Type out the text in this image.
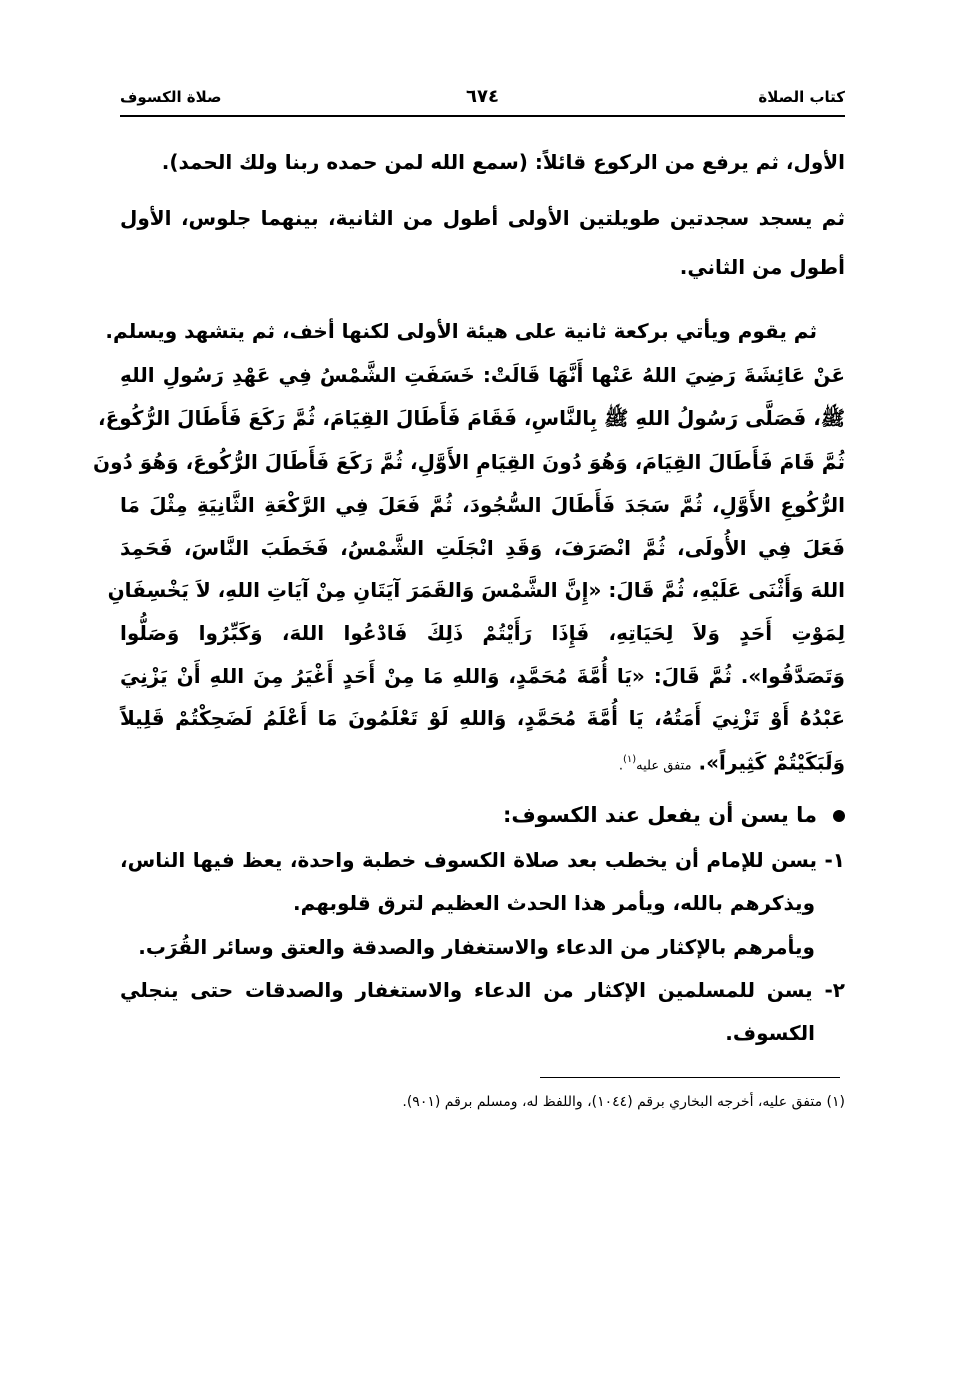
كتاب الصلاة
٦٧٤
صلاة الكسوف
الأول، ثم يرفع من الركوع قائلاً: (سمع الله لمن حمده ربنا ولك الحمد).
ثم يسجد سجدتين طويلتين الأولى أطول من الثانية، بينهما جلوس، الأول
أطول من الثاني.
ثم يقوم ويأتي بركعة ثانية على هيئة الأولى لكنها أخف، ثم يتشهد ويسلم.
عَنْ عَائِشَةَ رَضِيَ اللهُ عَنْها أَنَّهَا قَالَتْ: خَسَفَتِ الشَّمْسُ فِي عَهْدِ رَسُولِ اللهِ
ﷺ، فَصَلَّى رَسُولُ اللهِ ﷺ بِالنَّاسِ، فَقَامَ فَأَطَالَ القِيَامَ، ثُمَّ رَكَعَ فَأَطَالَ الرُّكُوعَ،
ثُمَّ قَامَ فَأَطَالَ القِيَامَ، وَهُوَ دُونَ القِيَامِ الأَوَّلِ، ثُمَّ رَكَعَ فَأَطَالَ الرُّكُوعَ، وَهُوَ دُونَ
الرُّكُوعِ الأَوَّلِ، ثُمَّ سَجَدَ فَأَطَالَ السُّجُودَ، ثُمَّ فَعَلَ فِي الرَّكْعَةِ الثَّانِيَةِ مِثْلَ مَا
فَعَلَ فِي الأُولَى، ثُمَّ انْصَرَفَ، وَقَدِ انْجَلَتِ الشَّمْسُ، فَخَطَبَ النَّاسَ، فَحَمِدَ
اللهَ وَأَثْنَى عَلَيْهِ، ثُمَّ قَالَ: «إِنَّ الشَّمْسَ وَالقَمَرَ آيَتَانِ مِنْ آيَاتِ اللهِ، لاَ يَخْسِفَانِ
لِمَوْتِ أَحَدٍ وَلاَ لِحَيَاتِهِ، فَإِذَا رَأَيْتُمْ ذَلِكَ فَادْعُوا اللهَ، وَكَبِّرُوا وَصَلُّوا
وَتَصَدَّقُوا». ثُمَّ قَالَ: «يَا أُمَّةَ مُحَمَّدٍ، وَاللهِ مَا مِنْ أَحَدٍ أَغْيَرُ مِنَ اللهِ أَنْ يَزْنِيَ
عَبْدُهُ أَوْ تَزْنِيَ أَمَتُهُ، يَا أُمَّةَ مُحَمَّدٍ، وَاللهِ لَوْ تَعْلَمُونَ مَا أَعْلَمُ لَضَحِكْتُمْ قَلِيلاً
وَلَبَكَيْتُمْ كَثِيراً». متفق عليه$^{(١)}$.
ما يسن أن يفعل عند الكسوف:
١- يسن للإمام أن يخطب بعد صلاة الكسوف خطبة واحدة، يعظ فيها الناس،
ويذكرهم بالله، ويأمر هذا الحدث العظيم لترق قلوبهم.
ويأمرهم بالإكثار من الدعاء والاستغفار والصدقة والعتق وسائر القُرَب.
٢- يسن للمسلمين الإكثار من الدعاء والاستغفار والصدقات حتى ينجلي
الكسوف.
(١) متفق عليه، أخرجه البخاري برقم (١٠٤٤)، واللفظ له، ومسلم برقم (٩٠١).
